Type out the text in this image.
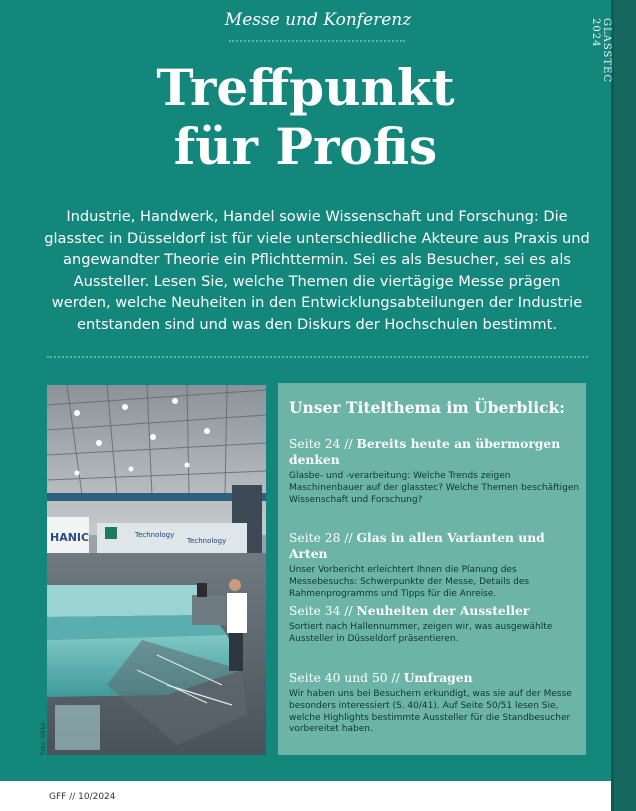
GLASSTEC 2024
Messe und Konferenz
Treffpunkt
für Profis
Industrie, Handwerk, Handel sowie Wissenschaft und Forschung: Die glasstec in Düsseldorf ist für viele unterschiedliche Akteure aus Praxis und angewandter Theorie ein Pflichttermin. Sei es als Besucher, sei es als Aussteller. Lesen Sie, welche Themen die viertägige Messe prägen werden, welche Neuheiten in den Entwicklungsabteilungen der Industrie entstanden sind und was den Diskurs der Hochschulen bestimmt.
HANIC	Technology
Technology
Foto: Dirks
Unser Titelthema im Überblick:
Seite 24 // Bereits heute an übermorgen denken
Glasbe- und -verarbeitung: Welche Trends zeigen Maschinenbauer auf der glasstec? Welche Themen beschäftigen Wissenschaft und Forschung?
Seite 28 // Glas in allen Varianten und Arten
Unser Vorbericht erleichtert Ihnen die Planung des Messebesuchs: Schwerpunkte der Messe, Details des Rahmenprogramms und Tipps für die Anreise.
Seite 34 // Neuheiten der Aussteller
Sortiert nach Hallennummer, zeigen wir, was ausgewählte Aussteller in Düsseldorf präsentieren.
Seite 40 und 50 // Umfragen
Wir haben uns bei Besuchern erkundigt, was sie auf der Messe besonders interessiert (S. 40/41). Auf Seite 50/51 lesen Sie, welche Highlights bestimmte Aussteller für die Standbesucher vorbereitet haben.
GFF // 10/2024
